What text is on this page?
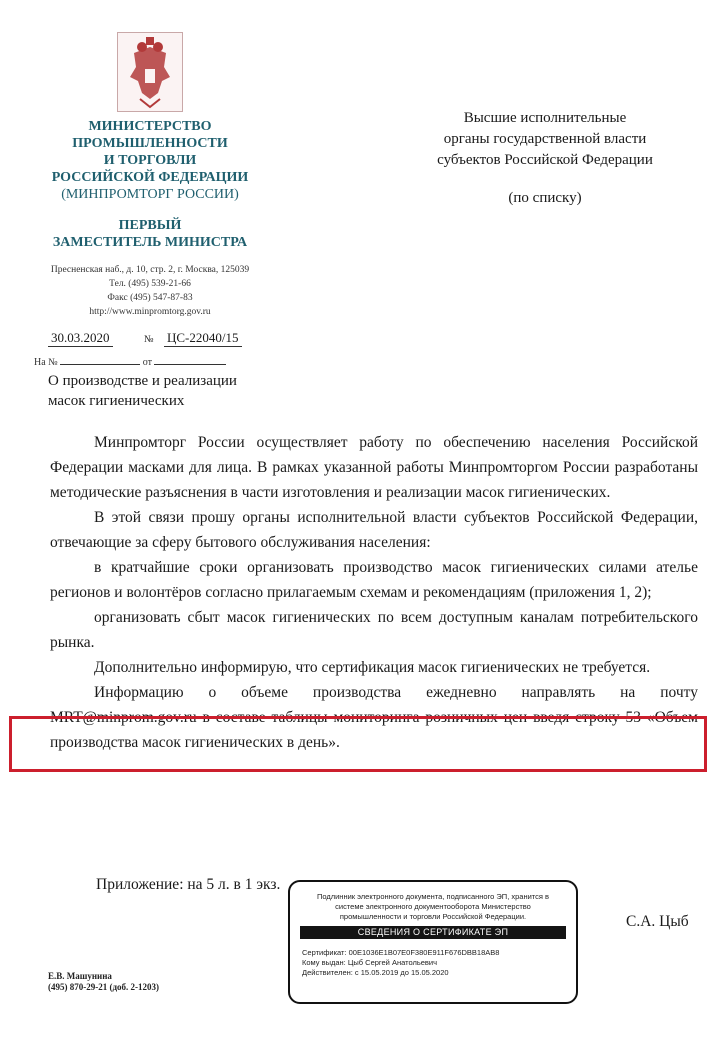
МИНИСТЕРСТВО
ПРОМЫШЛЕННОСТИ
И ТОРГОВЛИ
РОССИЙСКОЙ ФЕДЕРАЦИИ
(МИНПРОМТОРГ РОССИИ)
ПЕРВЫЙ
ЗАМЕСТИТЕЛЬ МИНИСТРА
Пресненская наб., д. 10, стр. 2, г. Москва, 125039
Тел. (495) 539-21-66
Факс (495) 547-87-83
http://www.minpromtorg.gov.ru
30.03.2020	№ ЦС-22040/15
На №	от
О производстве и реализации
масок гигиенических
Высшие исполнительные
органы государственной власти
субъектов Российской Федерации
(по списку)

Минпромторг России осуществляет работу по обеспечению населения Российской Федерации масками для лица. В рамках указанной работы Минпромторгом России разработаны методические разъяснения в части изготовления и реализации масок гигиенических.

В этой связи прошу органы исполнительной власти субъектов Российской Федерации, отвечающие за сферу бытового обслуживания населения:

в кратчайшие сроки организовать производство масок гигиенических силами ателье регионов и волонтёров согласно прилагаемым схемам и рекомендациям (приложения 1, 2);

организовать сбыт масок гигиенических по всем доступным каналам потребительского рынка.

Дополнительно информирую, что сертификация масок гигиенических не требуется.

Информацию о объеме производства ежедневно направлять на почту MRT@minprom.gov.ru в составе таблицы мониторинга розничных цен введя строку 53 «Объем производства масок гигиенических в день».

Приложение: на 5 л. в 1 экз.
Подлинник электронного документа, подписанного ЭП, хранится в системе электронного документооборота Министерство промышленности и торговли Российской Федерации.
СВЕДЕНИЯ О СЕРТИФИКАТЕ ЭП
Сертификат: 00E1036E1B07E0F380E911F676DBB18AB8
Кому выдан: Цыб Сергей Анатольевич
Действителен: с 15.05.2019 до 15.05.2020
С.А. Цыб
Е.В. Машунина
(495) 870-29-21 (доб. 2-1203)
